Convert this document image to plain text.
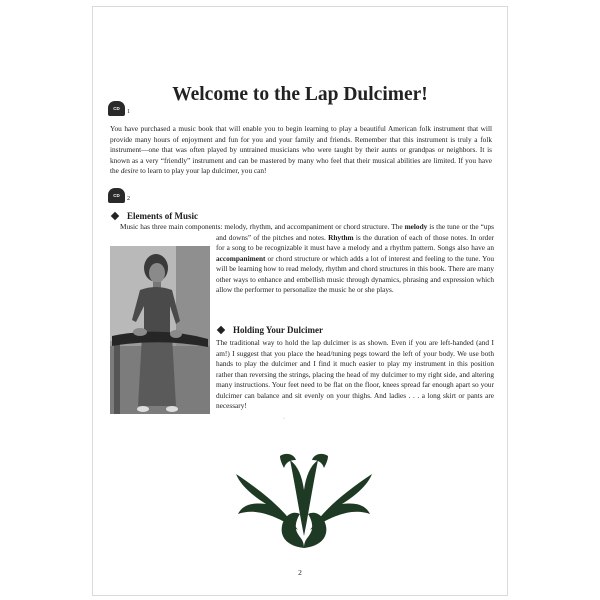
Welcome to the Lap Dulcimer!
CD
1

You have purchased a music book that will enable you to begin learning to play a beautiful American folk instrument that will provide many hours of enjoyment and fun for you and your family and friends. Remember that this instrument is truly a folk instrument—one that was often played by untrained musicians who were taught by their aunts or grandpas or neighbors. It is known as a very “friendly” instrument and can be mastered by many who feel that their musical abilities are limited. If you have the desire to learn to play your lap dulcimer, you can!

CD
2
Elements of Music

Music has three main components: melody, rhythm, and accompaniment or chord structure. The melody is the tune or the “ups and downs” of the pitches and notes. Rhythm is the duration of each of those notes. In order for a song to be recognizable it must have a melody and a rhythm pattern. Songs also have an accompaniment or chord structure or which adds a lot of interest and feeling to the tune. You will be learning how to read melody, rhythm and chord structures in this book. There are many other ways to enhance and embellish music through dynamics, phrasing and expression which allow the performer to personalize the music he or she plays.

Holding Your Dulcimer

The traditional way to hold the lap dulcimer is as shown. Even if you are left-handed (and I am!) I suggest that you place the head/tuning pegs toward the left of your body. We use both hands to play the dulcimer and I find it much easier to play my instrument in this position rather than reversing the strings, placing the head of my dulcimer to my right side, and altering many instructions. Your feet need to be flat on the floor, knees spread far enough apart so your dulcimer can balance and sit evenly on your thighs. And ladies . . . a long skirt or pants are necessary!

·
2
